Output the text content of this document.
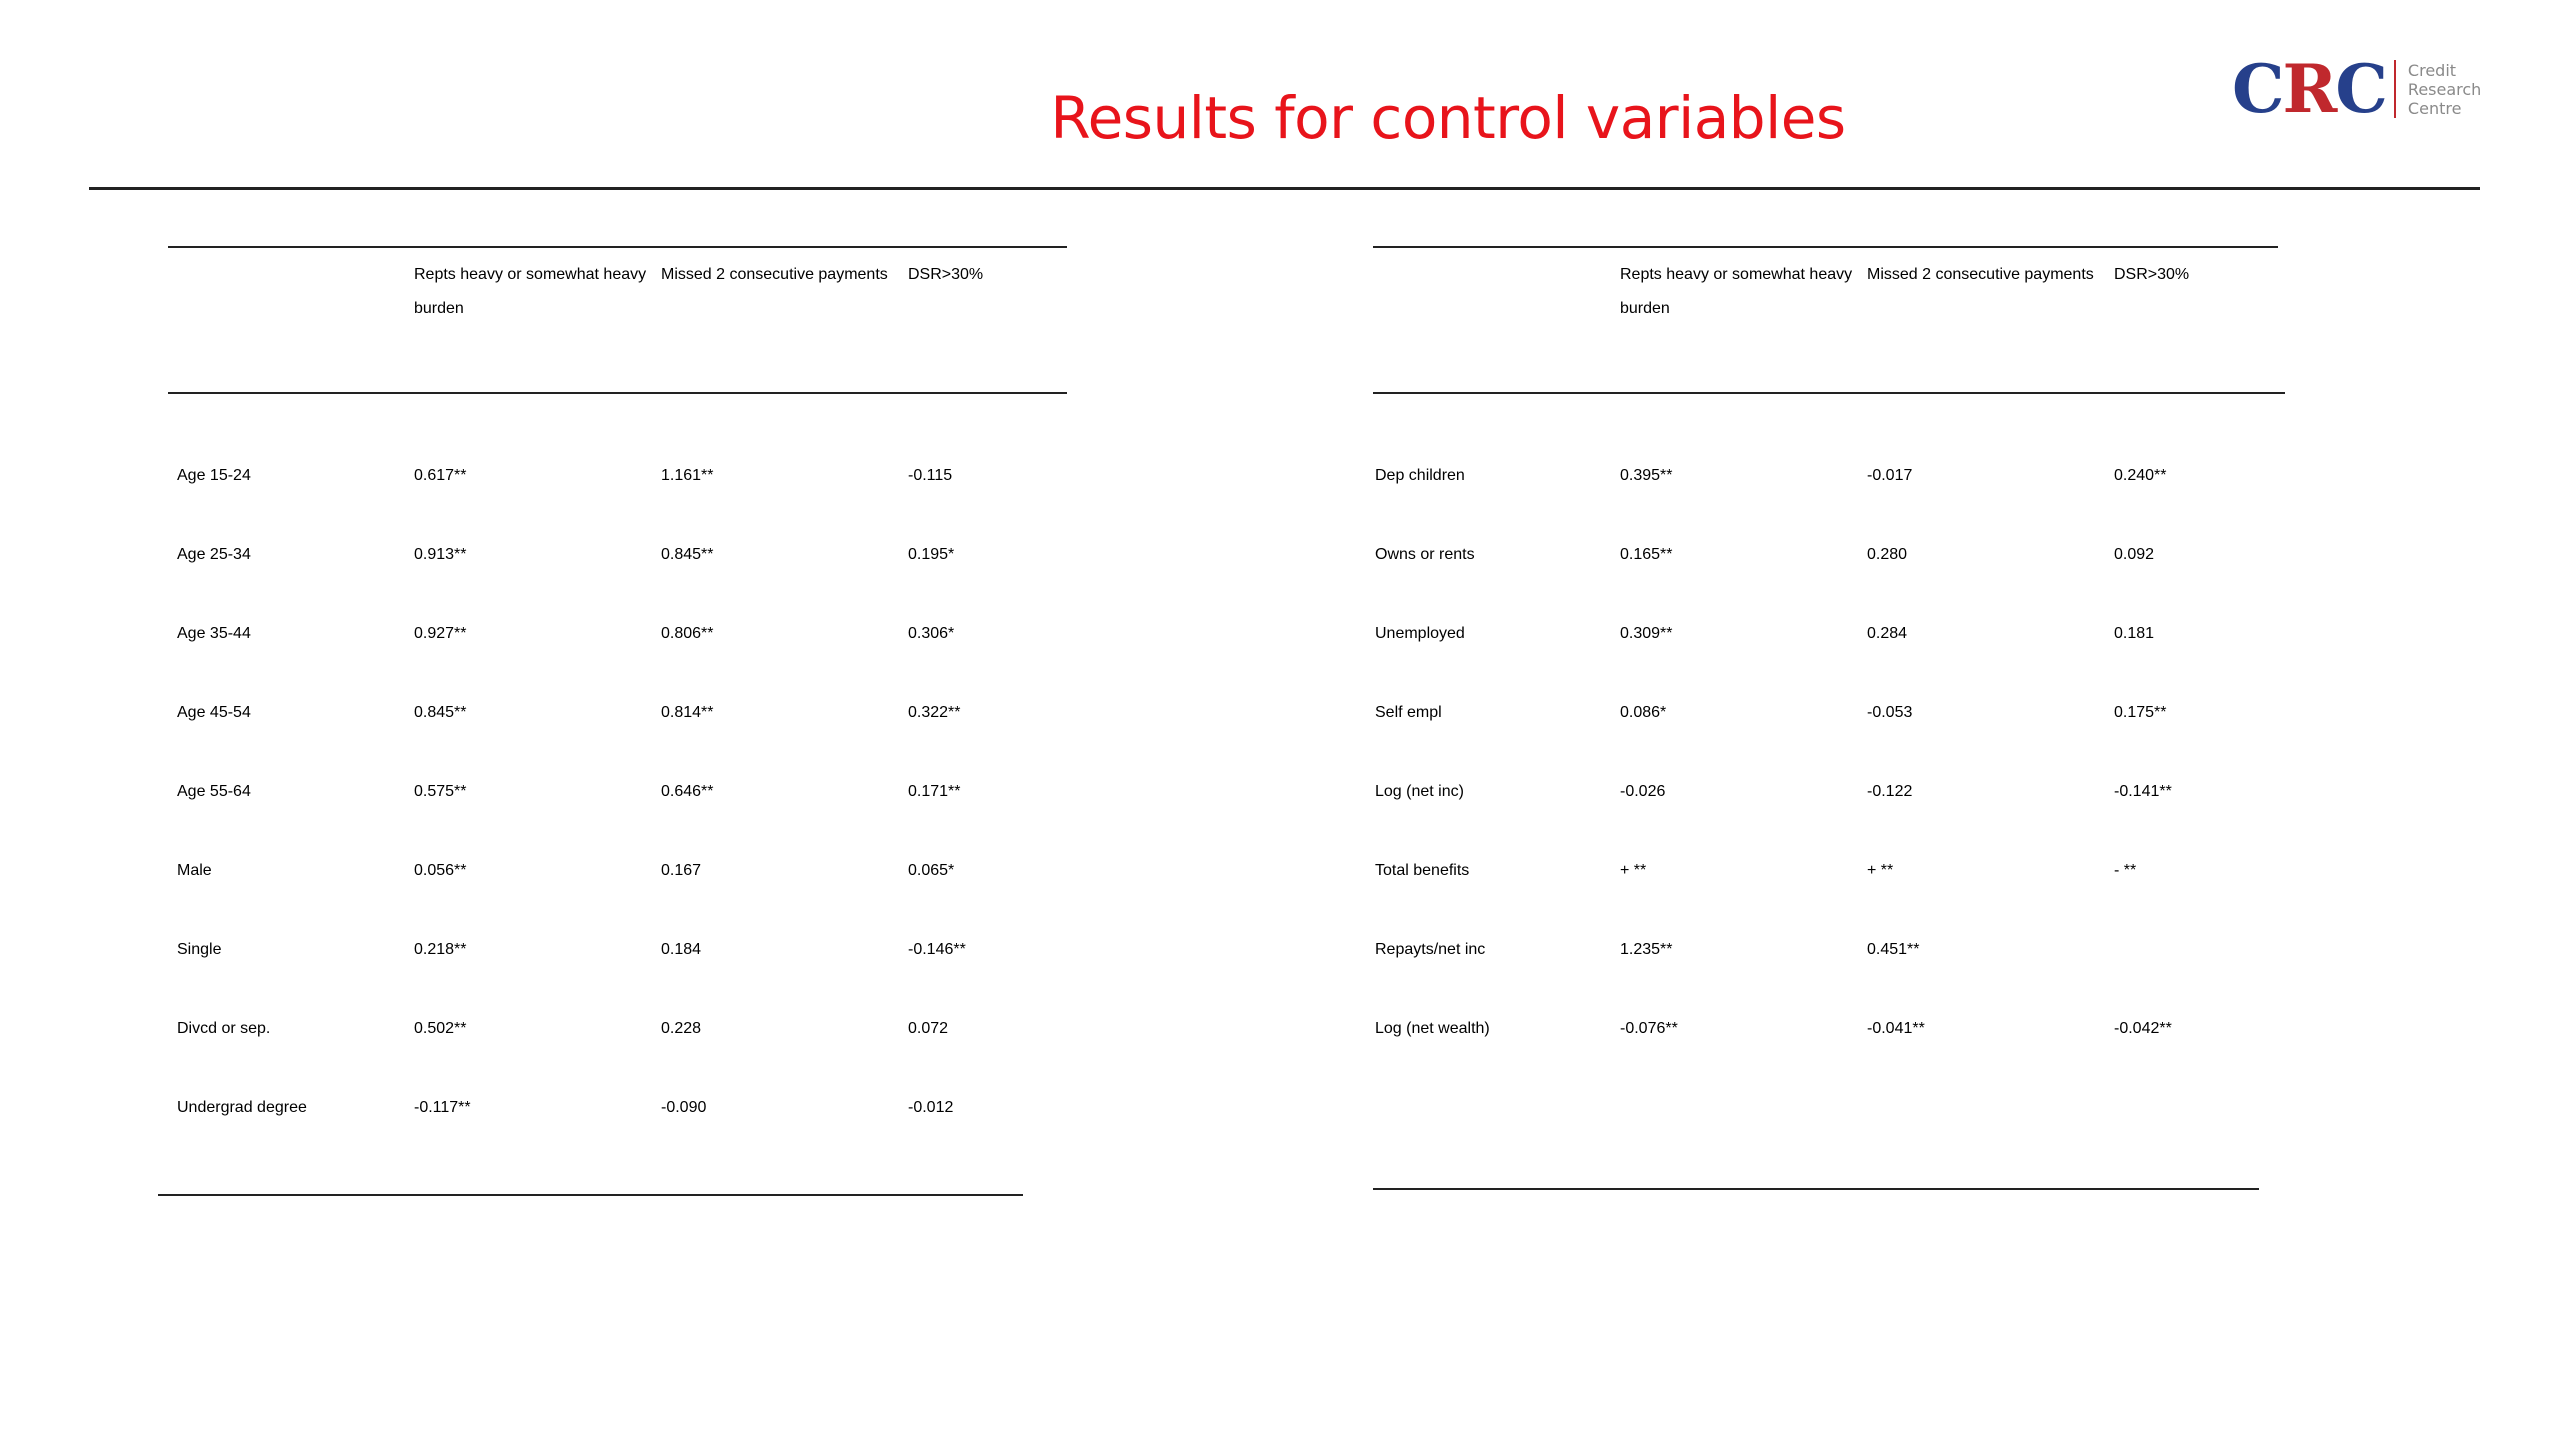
Results for control variables	CRC Credit
Research
Centre
Repts heavy or somewhat heavy burden
Missed 2 consecutive payments	DSR>30%
Age 15-24	0.617**	1.161**	-0.115
Age 25-34	0.913**	0.845**	0.195*
Age 35-44	0.927**	0.806**	0.306*
Age 45-54	0.845**	0.814**	0.322**
Age 55-64	0.575**	0.646**	0.171**
Male	0.056**	0.167	0.065*
Single	0.218**	0.184	-0.146**
Divcd or sep.	0.502**	0.228	0.072
Undergrad degree	-0.117**	-0.090	-0.012
Repts heavy or somewhat heavy burden
Missed 2 consecutive payments	DSR>30%
Dep children	0.395**	-0.017	0.240**
Owns or rents	0.165**	0.280	0.092
Unemployed	0.309**	0.284	0.181
Self empl	0.086*	-0.053	0.175**
Log (net inc)	-0.026	-0.122	-0.141**
Total benefits	+ **	+ **	- **
Repayts/net inc	1.235**	0.451**
Log (net wealth)	-0.076**	-0.041**	-0.042**
